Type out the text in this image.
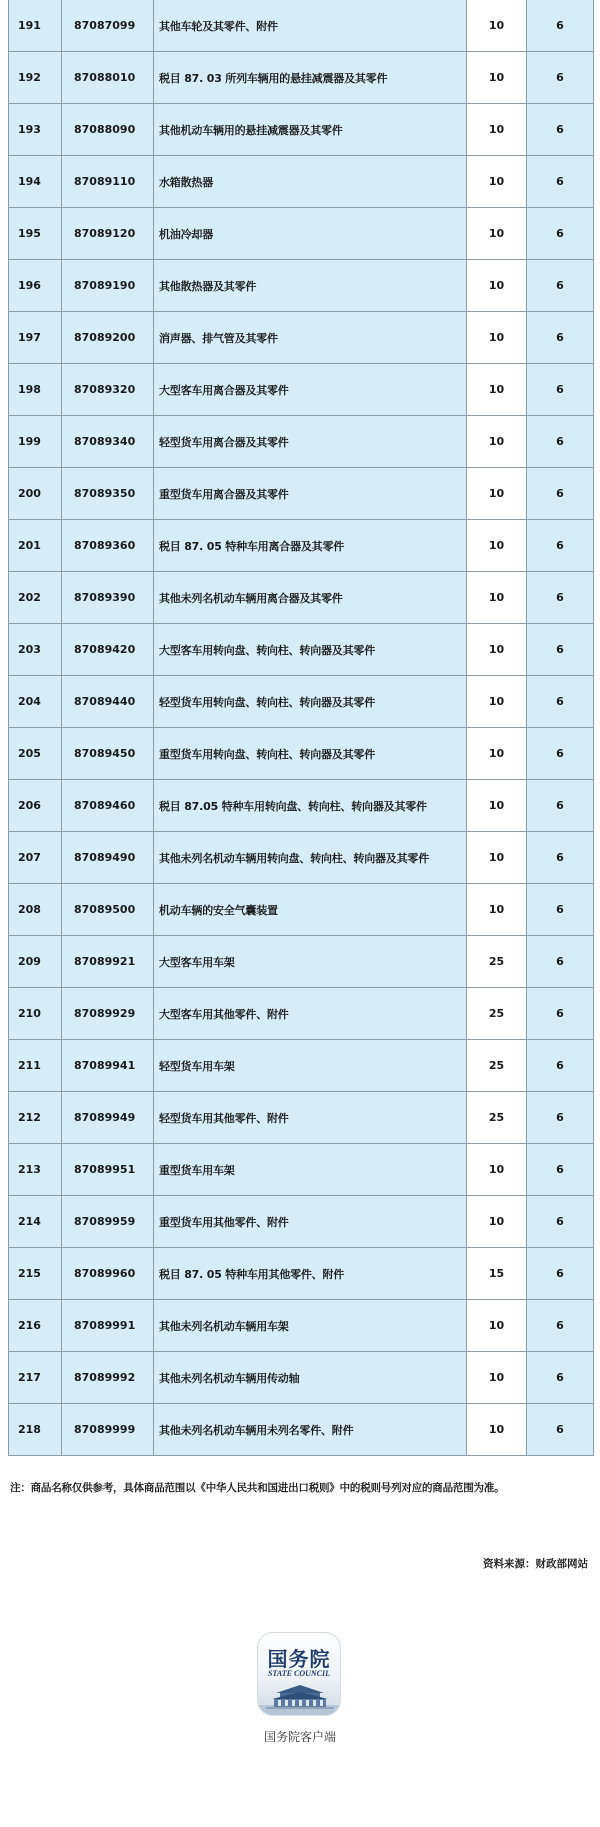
191	87087099	其他车轮及其零件、附件	10	6
192	87088010	税目 87. 03 所列车辆用的悬挂减震器及其零件	10	6
193	87088090	其他机动车辆用的悬挂减震器及其零件	10	6
194	87089110	水箱散热器	10	6
195	87089120	机油冷却器	10	6
196	87089190	其他散热器及其零件	10	6
197	87089200	消声器、排气管及其零件	10	6
198	87089320	大型客车用离合器及其零件	10	6
199	87089340	轻型货车用离合器及其零件	10	6
200	87089350	重型货车用离合器及其零件	10	6
201	87089360	税目 87. 05 特种车用离合器及其零件	10	6
202	87089390	其他未列名机动车辆用离合器及其零件	10	6
203	87089420	大型客车用转向盘、转向柱、转向器及其零件	10	6
204	87089440	轻型货车用转向盘、转向柱、转向器及其零件	10	6
205	87089450	重型货车用转向盘、转向柱、转向器及其零件	10	6
206	87089460	税目 87.05 特种车用转向盘、转向柱、转向器及其零件	10	6
207	87089490	其他未列名机动车辆用转向盘、转向柱、转向器及其零件	10	6
208	87089500	机动车辆的安全气囊装置	10	6
209	87089921	大型客车用车架	25	6
210	87089929	大型客车用其他零件、附件	25	6
211	87089941	轻型货车用车架	25	6
212	87089949	轻型货车用其他零件、附件	25	6
213	87089951	重型货车用车架	10	6
214	87089959	重型货车用其他零件、附件	10	6
215	87089960	税目 87. 05 特种车用其他零件、附件	15	6
216	87089991	其他未列名机动车辆用车架	10	6
217	87089992	其他未列名机动车辆用传动轴	10	6
218	87089999	其他未列名机动车辆用未列名零件、附件	10	6
注：商品名称仅供参考，具体商品范围以《中华人民共和国进出口税则》中的税则号列对应的商品范围为准。
资料来源：财政部网站
国务院
STATE COUNCIL
国务院客户端
